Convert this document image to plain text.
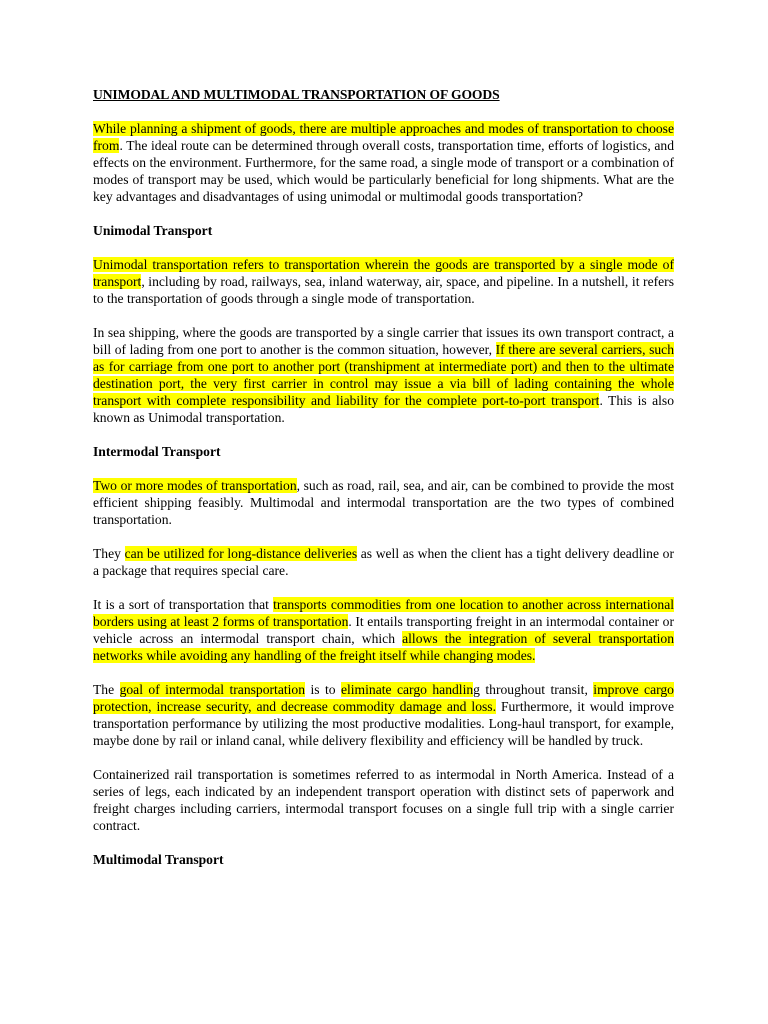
UNIMODAL AND MULTIMODAL TRANSPORTATION OF GOODS
While planning a shipment of goods, there are multiple approaches and modes of transportation to choose from. The ideal route can be determined through overall costs, transportation time, efforts of logistics, and effects on the environment. Furthermore, for the same road, a single mode of transport or a combination of modes of transport may be used, which would be particularly beneficial for long shipments. What are the key advantages and disadvantages of using unimodal or multimodal goods transportation?
Unimodal Transport
Unimodal transportation refers to transportation wherein the goods are transported by a single mode of transport, including by road, railways, sea, inland waterway, air, space, and pipeline. In a nutshell, it refers to the transportation of goods through a single mode of transportation.
In sea shipping, where the goods are transported by a single carrier that issues its own transport contract, a bill of lading from one port to another is the common situation, however, If there are several carriers, such as for carriage from one port to another port (transhipment at intermediate port) and then to the ultimate destination port, the very first carrier in control may issue a via bill of lading containing the whole transport with complete responsibility and liability for the complete port-to-port transport. This is also known as Unimodal transportation.
Intermodal Transport
Two or more modes of transportation, such as road, rail, sea, and air, can be combined to provide the most efficient shipping feasibly. Multimodal and intermodal transportation are the two types of combined transportation.
They can be utilized for long-distance deliveries as well as when the client has a tight delivery deadline or a package that requires special care.
It is a sort of transportation that transports commodities from one location to another across international borders using at least 2 forms of transportation. It entails transporting freight in an intermodal container or vehicle across an intermodal transport chain, which allows the integration of several transportation networks while avoiding any handling of the freight itself while changing modes.
The goal of intermodal transportation is to eliminate cargo handling throughout transit, improve cargo protection, increase security, and decrease commodity damage and loss. Furthermore, it would improve transportation performance by utilizing the most productive modalities. Long-haul transport, for example, maybe done by rail or inland canal, while delivery flexibility and efficiency will be handled by truck.
Containerized rail transportation is sometimes referred to as intermodal in North America. Instead of a series of legs, each indicated by an independent transport operation with distinct sets of paperwork and freight charges including carriers, intermodal transport focuses on a single full trip with a single carrier contract.
Multimodal Transport
